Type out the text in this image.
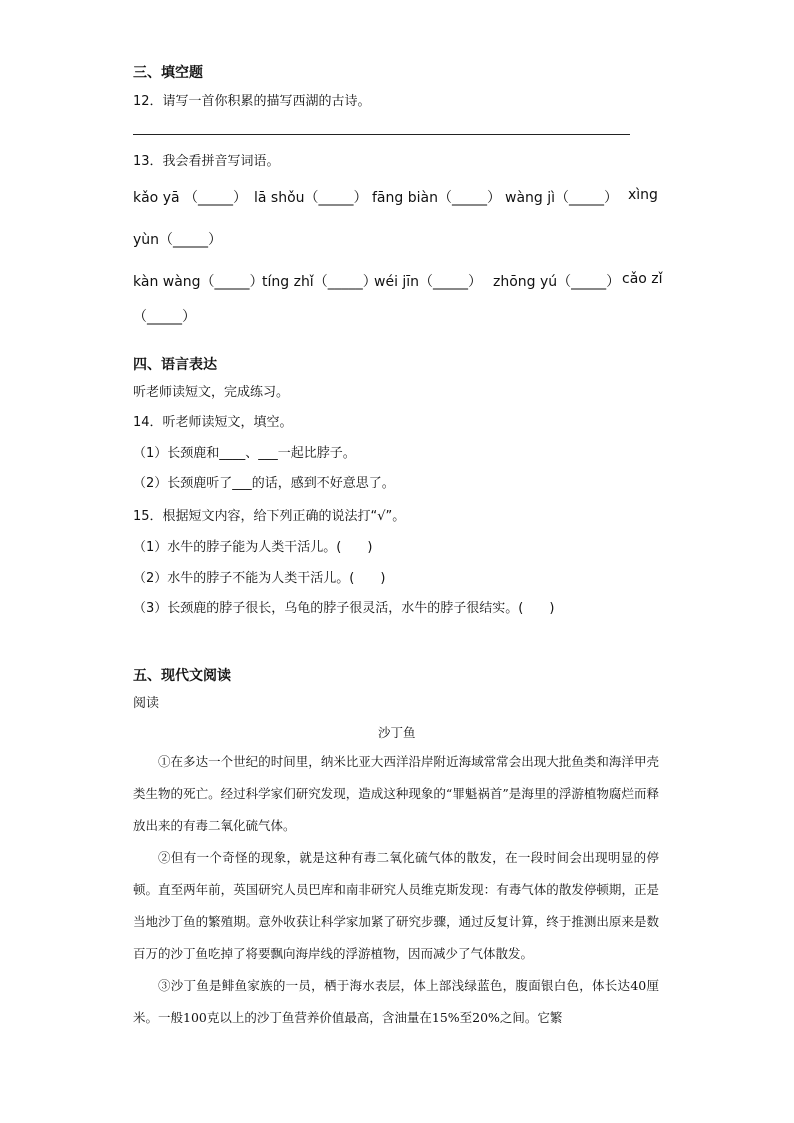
三、填空题
12．请写一首你积累的描写西湖的古诗。
13．我会看拼音写词语。
kǎo yā （_____） lā shǒu（_____） fāng biàn（_____） wàng jì（_____） xìng
yùn（_____）
kàn wàng（_____）
tíng zhǐ（_____）
wéi jīn（_____） zhōng yú（_____） cǎo zǐ
（_____）
四、语言表达
听老师读短文，完成练习。
14．听老师读短文，填空。
（1）长颈鹿和____、___一起比脖子。
（2）长颈鹿听了___的话，感到不好意思了。
15．根据短文内容，给下列正确的说法打“√”。
（1）水牛的脖子能为人类干活儿。(　　)
（2）水牛的脖子不能为人类干活儿。(　　)
（3）长颈鹿的脖子很长，乌龟的脖子很灵活，水牛的脖子很结实。(　　)
五、现代文阅读
阅读
沙丁鱼

①在多达一个世纪的时间里，纳米比亚大西洋沿岸附近海域常常会出现大批鱼类和海洋甲壳类生物的死亡。经过科学家们研究发现，造成这种现象的“罪魁祸首”是海里的浮游植物腐烂而释放出来的有毒二氧化硫气体。

②但有一个奇怪的现象，就是这种有毒二氧化硫气体的散发，在一段时间会出现明显的停顿。直至两年前，英国研究人员巴库和南非研究人员维克斯发现：有毒气体的散发停顿期，正是当地沙丁鱼的繁殖期。意外收获让科学家加紧了研究步骤，通过反复计算，终于推测出原来是数百万的沙丁鱼吃掉了将要飘向海岸线的浮游植物，因而减少了气体散发。

③沙丁鱼是鲱鱼家族的一员，栖于海水表层，体上部浅绿蓝色，腹面银白色，体长达40厘米。一般100克以上的沙丁鱼营养价值最高，含油量在15%至20%之间。它繁
